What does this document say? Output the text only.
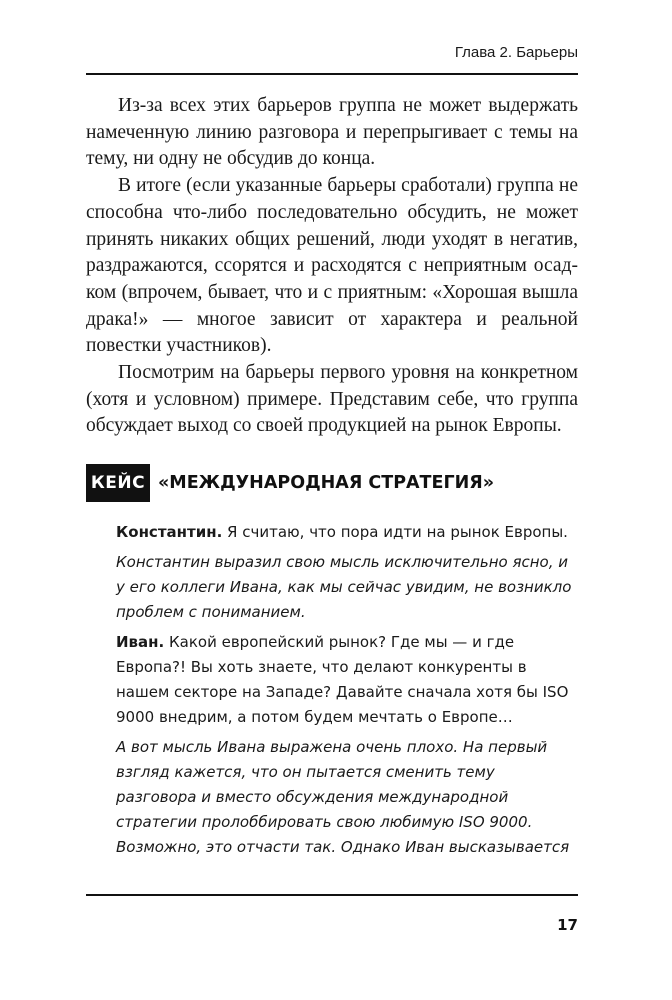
Глава 2. Барьеры

Из-за всех этих барьеров группа не может выдержать намеченную линию разговора и перепрыгивает с темы на тему, ни одну не обсудив до конца.

В итоге (если указанные барьеры сработали) группа не способна что-либо последовательно обсудить, не может принять никаких общих решений, люди уходят в негатив, раздражаются, ссорятся и расходятся с неприятным осадком (впрочем, бывает, что и с приятным: «Хорошая вышла драка!» — многое зависит от характера и реальной повестки участников).

Посмотрим на барьеры первого уровня на конкретном (хотя и условном) примере. Представим себе, что группа обсуждает выход со своей продукцией на рынок Европы.

КЕЙС «МЕЖДУНАРОДНАЯ СТРАТЕГИЯ»

Константин. Я считаю, что пора идти на рынок Европы.

Константин выразил свою мысль исключительно ясно, и у его коллеги Ивана, как мы сейчас увидим, не возникло проблем с пониманием.

Иван. Какой европейский рынок? Где мы — и где Европа?! Вы хоть знаете, что делают конкуренты в нашем секторе на Западе? Давайте сначала хотя бы ISO 9000 внедрим, а потом будем мечтать о Европе…

А вот мысль Ивана выражена очень плохо. На первый взгляд кажется, что он пытается сменить тему разговора и вместо обсуждения международной стратегии пролоббировать свою любимую ISO 9000. Возможно, это отчасти так. Однако Иван высказывается

17
